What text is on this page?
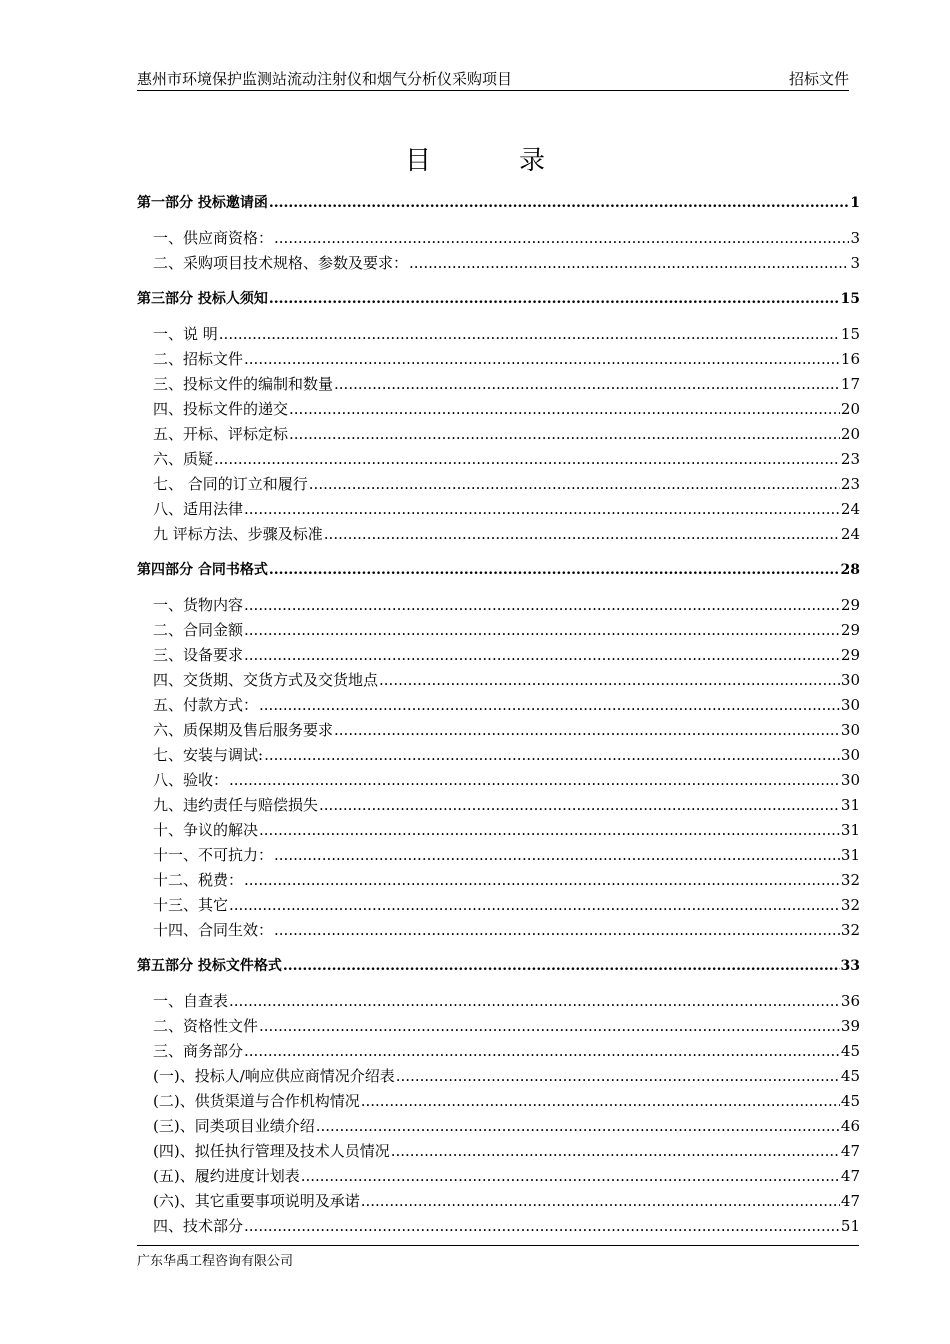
惠州市环境保护监测站流动注射仪和烟气分析仪采购项目	招标文件
目	录
第一部分 投标邀请函 .....	1
一、供应商资格： .....	3
二、采购项目技术规格、参数及要求： .....	3
第三部分 投标人须知 .....	15
一、说 明 .....	15
二、招标文件 .....	16
三、投标文件的编制和数量 .....	17
四、投标文件的递交 .....	20
五、开标、评标定标 .....	20
六、质疑 .....	23
七、 合同的订立和履行 .....	23
八、适用法律 .....	24
九 评标方法、步骤及标准 .....	24
第四部分 合同书格式 .....	28
一、货物内容 .....	29
二、合同金额 .....	29
三、设备要求 .....	29
四、交货期、交货方式及交货地点 .....	30
五、付款方式： .....	30
六、质保期及售后服务要求 .....	30
七、安装与调试: .....	30
八、验收： .....	30
九、违约责任与赔偿损失 .....	31
十、争议的解决 .....	31
十一、不可抗力： .....	31
十二、税费： .....	32
十三、其它 .....	32
十四、合同生效： .....	32
第五部分 投标文件格式 .....	33
一、自查表 .....	36
二、资格性文件 .....	39
三、商务部分 .....	45
(一)、投标人/响应供应商情况介绍表 .....	45
(二)、供货渠道与合作机构情况 .....	45
(三)、同类项目业绩介绍 .....	46
(四)、拟任执行管理及技术人员情况 .....	47
(五)、履约进度计划表 .....	47
(六)、其它重要事项说明及承诺 .....	47
四、技术部分 .....	51
广东华禹工程咨询有限公司
